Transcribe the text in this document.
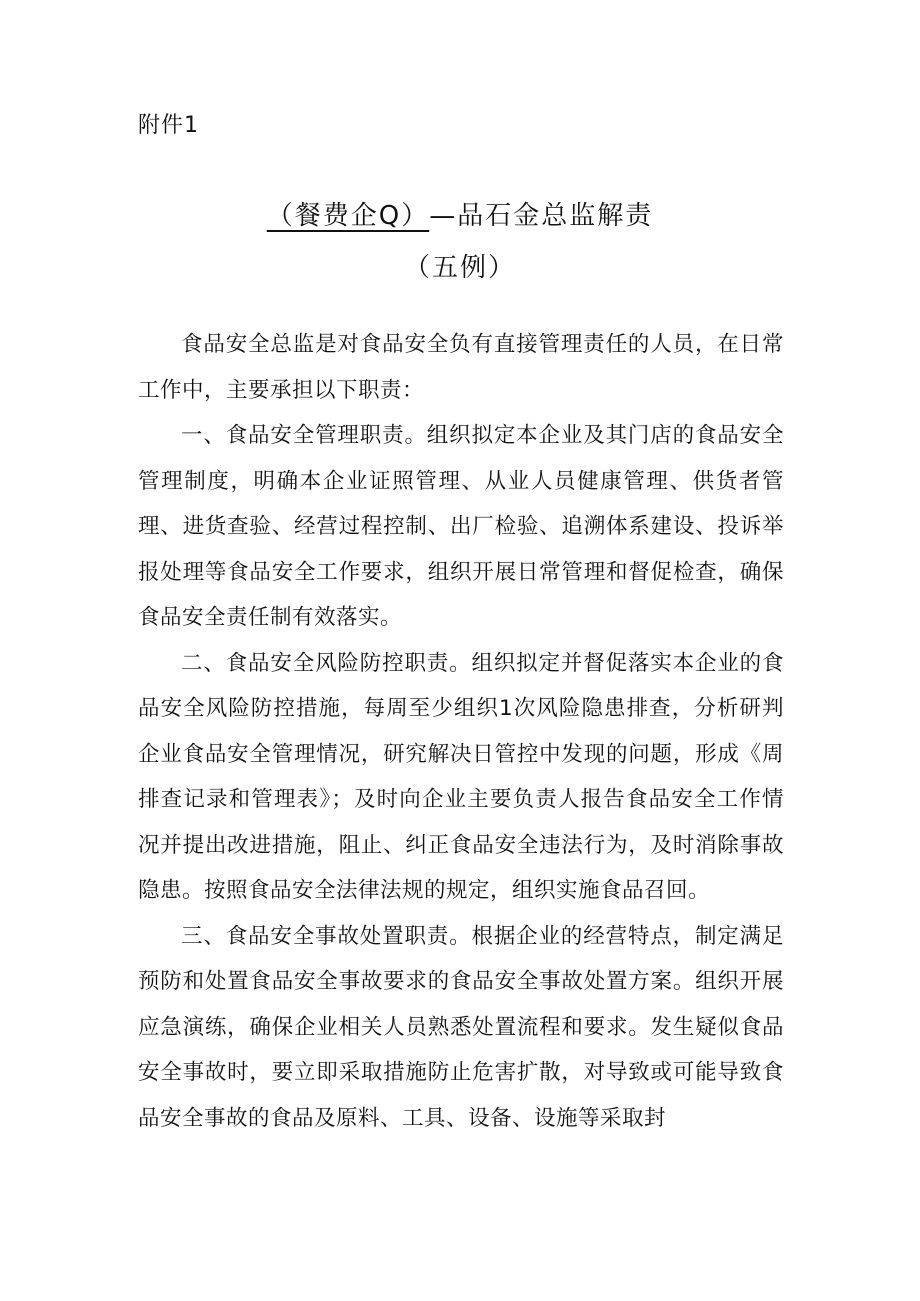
附件1
（餐费企Q）—品石金总监解责
（五例）

食品安全总监是对食品安全负有直接管理责任的人员，在日常工作中，主要承担以下职责：

一、食品安全管理职责。组织拟定本企业及其门店的食品安全管理制度，明确本企业证照管理、从业人员健康管理、供货者管理、进货查验、经营过程控制、出厂检验、追溯体系建设、投诉举报处理等食品安全工作要求，组织开展日常管理和督促检查，确保食品安全责任制有效落实。

二、食品安全风险防控职责。组织拟定并督促落实本企业的食品安全风险防控措施，每周至少组织1次风险隐患排查，分析研判企业食品安全管理情况，研究解决日管控中发现的问题，形成《周排查记录和管理表》；及时向企业主要负责人报告食品安全工作情况并提出改进措施，阻止、纠正食品安全违法行为，及时消除事故隐患。按照食品安全法律法规的规定，组织实施食品召回。

三、食品安全事故处置职责。根据企业的经营特点，制定满足预防和处置食品安全事故要求的食品安全事故处置方案。组织开展应急演练，确保企业相关人员熟悉处置流程和要求。发生疑似食品安全事故时，要立即采取措施防止危害扩散，对导致或可能导致食品安全事故的食品及原料、工具、设备、设施等采取封
